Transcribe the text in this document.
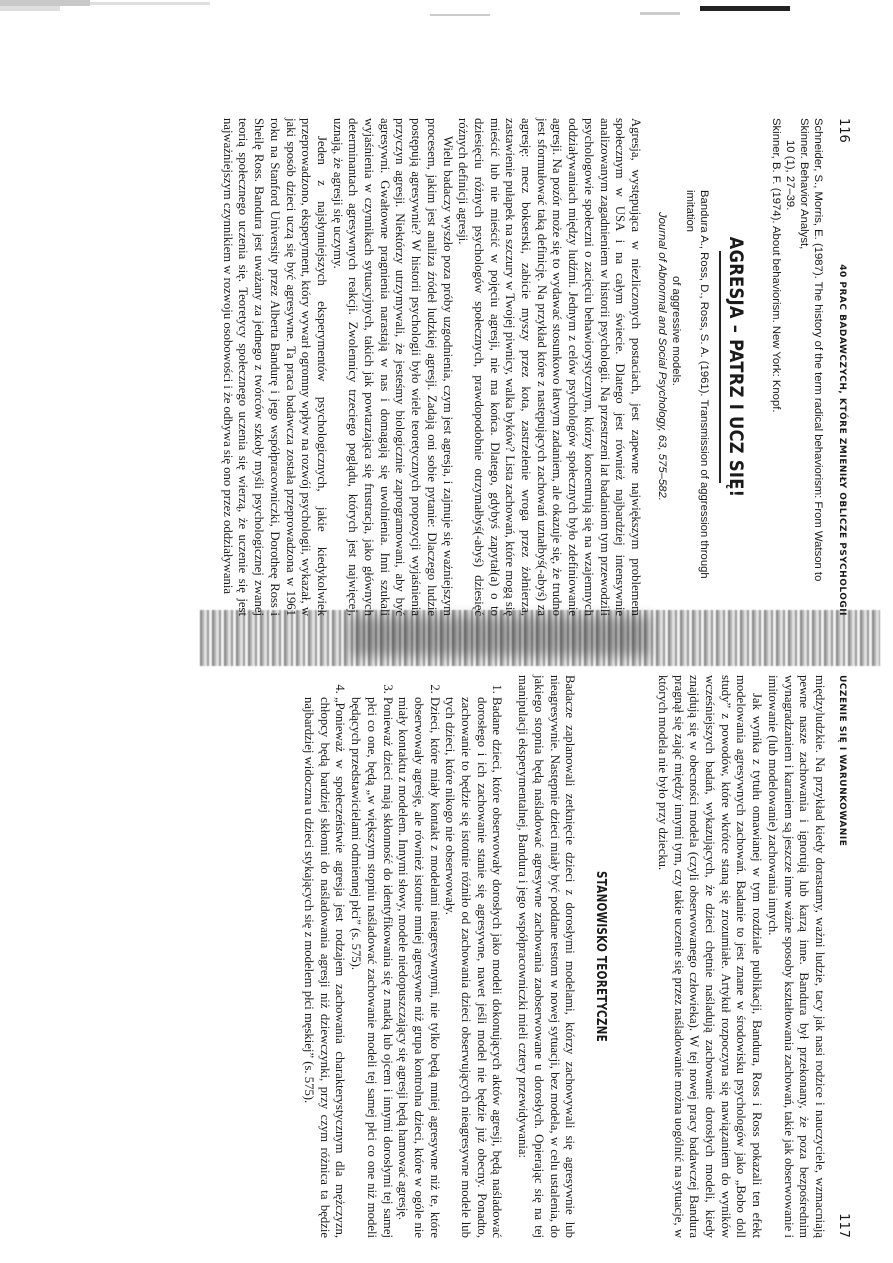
116
40 PRAC BADAWCZYCH, KTÓRE ZMIENIŁY OBLICZE PSYCHOLOGII

Schneider, S., Morris, E. (1987). The history of the term radical behaviorism: From Watson to Skinner. Behavior Analyst,

10 (1), 27–39.

Skinner, B. F. (1974). About behaviorism. New York: Knopf.

AGRESJA – PATRZ I UCZ SIĘ!

Bandura A., Ross, D., Ross, S. A. (1961). Transmission of aggression through imitation

of aggressive models.

Journal of Abnormal and Social Psychology, 63, 575–582.

Agresja, występująca w niezliczonych postaciach, jest zapewne największym problemem społecznym w USA i na całym świecie. Dlatego jest również najbardziej intensywnie analizowanym zagadnieniem w historii psychologii. Na przestrzeni lat badaniom tym przewodzili psychologowie społeczni o zacięciu behawiorystycznym, którzy koncentrują się na wzajemnych oddziaływaniach między ludźmi. Jednym z celów psychologów społecznych było zdefiniowanie agresji. Na pozór może się to wydawać stosunkowo łatwym zadaniem, ale okazuje się, że trudno jest sformułować taką definicję. Na przykład które z następujących zachowań uznałbyś(-abyś) za agresję: mecz bokserski, zabicie myszy przez kota, zastrzelenie wroga przez żołnierza, zastawienie pułapek na szczury w Twojej piwnicy, walka byków? Lista zachowań, które mogą się mieścić lub nie mieścić w pojęciu agresji, nie ma końca. Dlatego, gdybyś zapytał(a) o to dziesięciu różnych psychologów społecznych, prawdopodobnie otrzymałbyś(-abyś) dziesięć różnych definicji agresji.

Wielu badaczy wyszło poza próby uzgodnienia, czym jest agresja, i zajmuje się ważniejszym procesem, jakim jest analiza źródeł ludzkiej agresji. Zadają oni sobie pytanie: Dlaczego ludzie postępują agresywnie? W historii psychologii było wiele teoretycznych propozycji wyjaśnienia przyczyn agresji. Niektórzy utrzymywali, że jesteśmy biologicznie zaprogramowani, aby być agresywni. Gwałtowne pragnienia narastają w nas i domagają się uwolnienia. Inni szukali wyjaśnienia w czynnikach sytuacyjnych, takich jak powtarzająca się frustracja, jako głównych determinantach agresywnych reakcji. Zwolennicy trzeciego poglądu, których jest najwięcej, uznają, że agresji się uczymy.

Jeden z najsłynniejszych eksperymentów psychologicznych, jakie kiedykolwiek przeprowadzono, eksperyment, który wywarł ogromny wpływ na rozwój psychologii, wykazał, w jaki sposób dzieci uczą się być agresywne. Ta praca badawcza została przeprowadzona w 1961 roku na Stanford University przez Alberta Bandurę i jego współpracowniczki, Dorotheę Ross i Sheilę Ross. Bandura jest uważany za jednego z twórców szkoły myśli psychologicznej zwanej teorią społecznego uczenia się. Teoretycy społecznego uczenia się wierzą, że uczenie się jest najważniejszym czynnikiem w rozwoju osobowości i że odbywa się ono przez oddziaływania

UCZENIE SIĘ I WARUNKOWANIE
117

międzyludzkie. Na przykład kiedy dorastamy, ważni ludzie, tacy jak nasi rodzice i nauczyciele, wzmacniają pewne nasze zachowania i ignorują lub karzą inne. Bandura był przekonany, że poza bezpośrednim wynagradzaniem i karaniem są jeszcze inne ważne sposoby kształtowania zachowań, takie jak obserwowanie i imitowanie (lub modelowanie) zachowania innych.

Jak wynika z tytułu omawianej w tym rozdziale publikacji, Bandura, Ross i Ross pokazali ten efekt modelowania agresywnych zachowań. Badanie to jest znane w środowisku psychologów jako „Bobo doll study” z powodów, które wkrótce staną się zrozumiałe. Artykuł rozpoczyna się nawiązaniem do wyników wcześniejszych badań, wykazujących, że dzieci chętnie naśladują zachowanie dorosłych modeli, kiedy znajdują się w obecności modela (czyli obserwowanego człowieka). W tej nowej pracy badawczej Bandura pragnął się zająć między innymi tym, czy takie uczenie się przez naśladowanie można uogólnić na sytuacje, w których modela nie było przy dziecku.

STANOWISKO TEORETYCZNE

Badacze zaplanowali zetknięcie dzieci z dorosłymi modelami, którzy zachowywali się agresywnie lub nieagresywnie. Następnie dzieci miały być poddane testom w nowej sytuacji, bez modela, w celu ustalenia, do jakiego stopnia będą naśladować agresywne zachowania zaobserwowane u dorosłych. Opierając się na tej manipulacji eksperymentalnej, Bandura i jego współpracowniczki mieli cztery przewidywania:

1. Badane dzieci, które obserwowały dorosłych jako modeli dokonujących aktów agresji, będą naśladować dorosłego i ich zachowanie stanie się agresywne, nawet jeśli model nie będzie już obecny. Ponadto, zachowanie to będzie się istotnie różniło od zachowania dzieci obserwujących nieagresywne modele lub tych dzieci, które nikogo nie obserwowały.
2. Dzieci, które miały kontakt z modelami nieagresywnymi, nie tylko będą mniej agresywne niż te, które obserwowały agresję, ale również istotnie mniej agresywne niż grupa kontrolna dzieci, które w ogóle nie miały kontaktu z modelem. Innymi słowy, modele niedopuszczający się agresji będą hamować agresję.
3. Ponieważ dzieci mają skłonność do identyfikowania się z matką lub ojcem i innymi dorosłymi tej samej płci co one, będą „w większym stopniu naśladować zachowanie modeli tej samej płci co one niż modeli będących przedstawicielami odmiennej płci” (s. 575).
4. „Ponieważ w społeczeństwie agresja jest rodzajem zachowania charakterystycznym dla mężczyzn, chłopcy będą bardziej skłonni do naśladowania agresji niż dziewczynki, przy czym różnica ta będzie najbardziej widoczna u dzieci stykających się z modelem płci męskiej” (s. 575).
